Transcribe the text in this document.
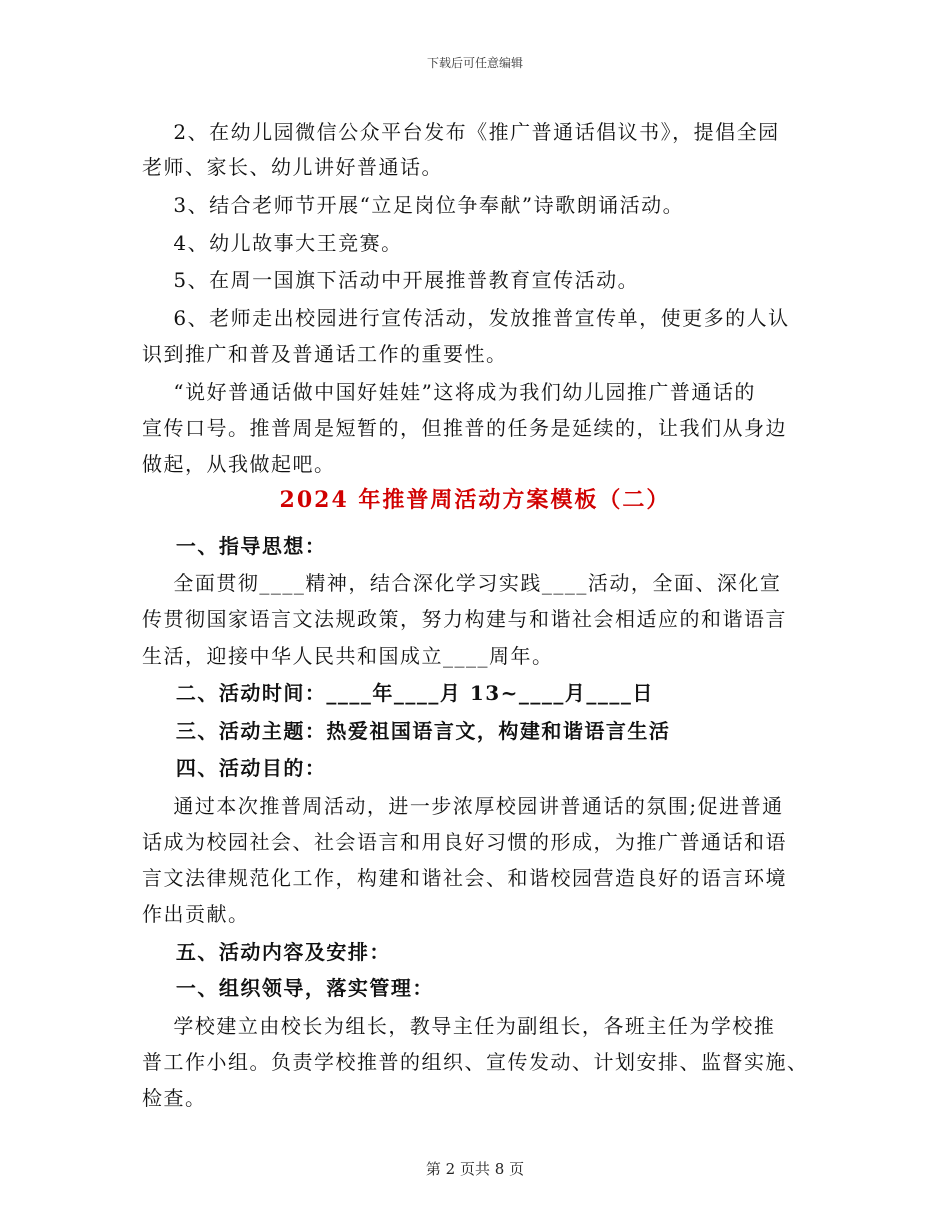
下载后可任意编辑
2、在幼儿园微信公众平台发布《推广普通话倡议书》，提倡全园
老师、家长、幼儿讲好普通话。
3、结合老师节开展“立足岗位争奉献”诗歌朗诵活动。
4、幼儿故事大王竞赛。
5、在周一国旗下活动中开展推普教育宣传活动。
6、老师走出校园进行宣传活动，发放推普宣传单，使更多的人认
识到推广和普及普通话工作的重要性。
“说好普通话做中国好娃娃”这将成为我们幼儿园推广普通话的
宣传口号。推普周是短暂的，但推普的任务是延续的，让我们从身边
做起，从我做起吧。
2024 年推普周活动方案模板（二）
一、指导思想：
全面贯彻____精神，结合深化学习实践____活动，全面、深化宣
传贯彻国家语言文法规政策，努力构建与和谐社会相适应的和谐语言
生活，迎接中华人民共和国成立____周年。
二、活动时间：____年____月 13~____月____日
三、活动主题：热爱祖国语言文，构建和谐语言生活
四、活动目的：
通过本次推普周活动，进一步浓厚校园讲普通话的氛围;促进普通
话成为校园社会、社会语言和用良好习惯的形成，为推广普通话和语
言文法律规范化工作，构建和谐社会、和谐校园营造良好的语言环境
作出贡献。
五、活动内容及安排：
一、组织领导，落实管理：
学校建立由校长为组长，教导主任为副组长，各班主任为学校推
普工作小组。负责学校推普的组织、宣传发动、计划安排、监督实施、
检查。
第 2 页共 8 页
